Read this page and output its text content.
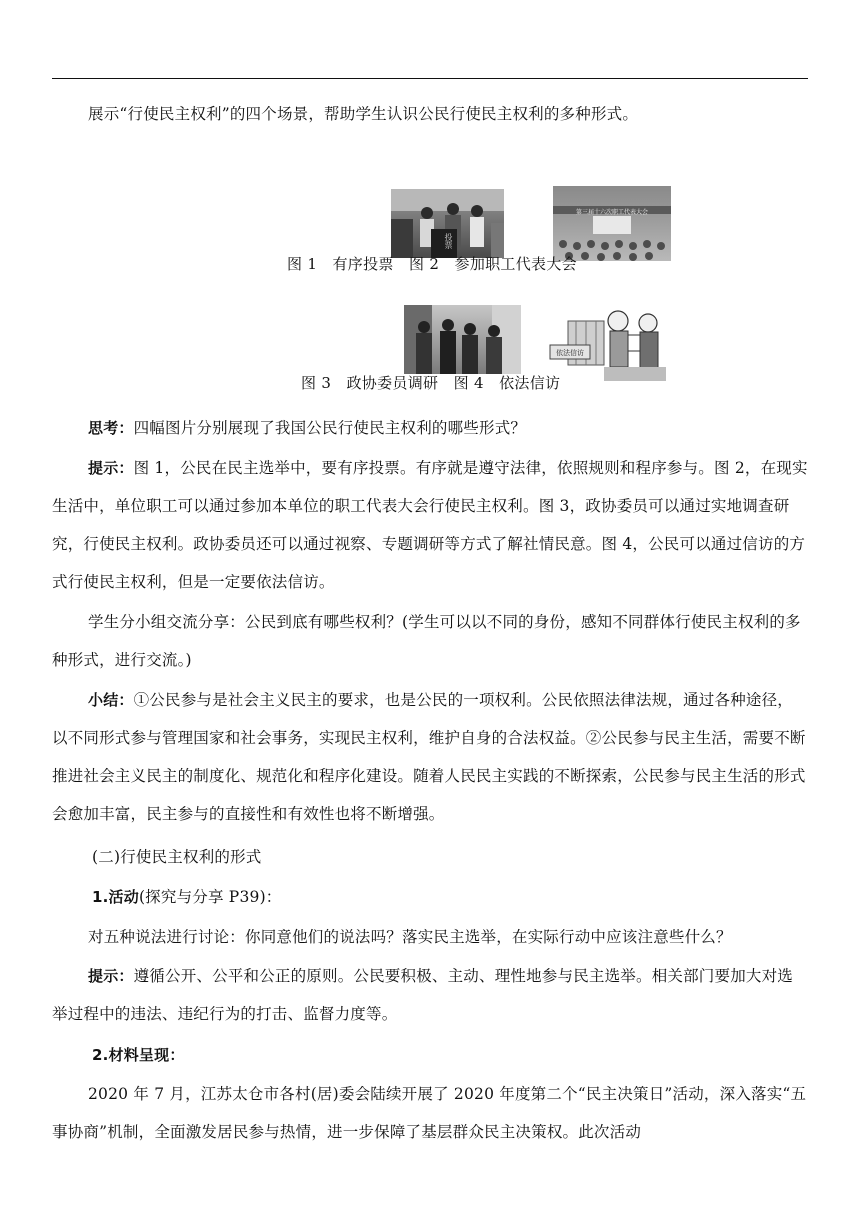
展示“行使民主权利”的四个场景，帮助学生认识公民行使民主权利的多种形式。
投票
第三届十六次职工代表大会
图 1　有序投票　图 2　参加职工代表大会
依法信访
图 3　政协委员调研　图 4　依法信访
思考：四幅图片分别展现了我国公民行使民主权利的哪些形式？
提示：图 1，公民在民主选举中，要有序投票。有序就是遵守法律，依照规则和程序参与。图 2，在现实生活中，单位职工可以通过参加本单位的职工代表大会行使民主权利。图 3，政协委员可以通过实地调查研究，行使民主权利。政协委员还可以通过视察、专题调研等方式了解社情民意。图 4，公民可以通过信访的方式行使民主权利，但是一定要依法信访。
学生分小组交流分享：公民到底有哪些权利？(学生可以以不同的身份，感知不同群体行使民主权利的多种形式，进行交流。)
小结：①公民参与是社会主义民主的要求，也是公民的一项权利。公民依照法律法规，通过各种途径，以不同形式参与管理国家和社会事务，实现民主权利，维护自身的合法权益。②公民参与民主生活，需要不断推进社会主义民主的制度化、规范化和程序化建设。随着人民民主实践的不断探索，公民参与民主生活的形式会愈加丰富，民主参与的直接性和有效性也将不断增强。
(二)行使民主权利的形式
1.活动(探究与分享 P39)：
对五种说法进行讨论：你同意他们的说法吗？落实民主选举，在实际行动中应该注意些什么？
提示：遵循公开、公平和公正的原则。公民要积极、主动、理性地参与民主选举。相关部门要加大对选举过程中的违法、违纪行为的打击、监督力度等。
2.材料呈现：
2020 年 7 月，江苏太仓市各村(居)委会陆续开展了 2020 年度第二个“民主决策日”活动，深入落实“五事协商”机制，全面激发居民参与热情，进一步保障了基层群众民主决策权。此次活动
